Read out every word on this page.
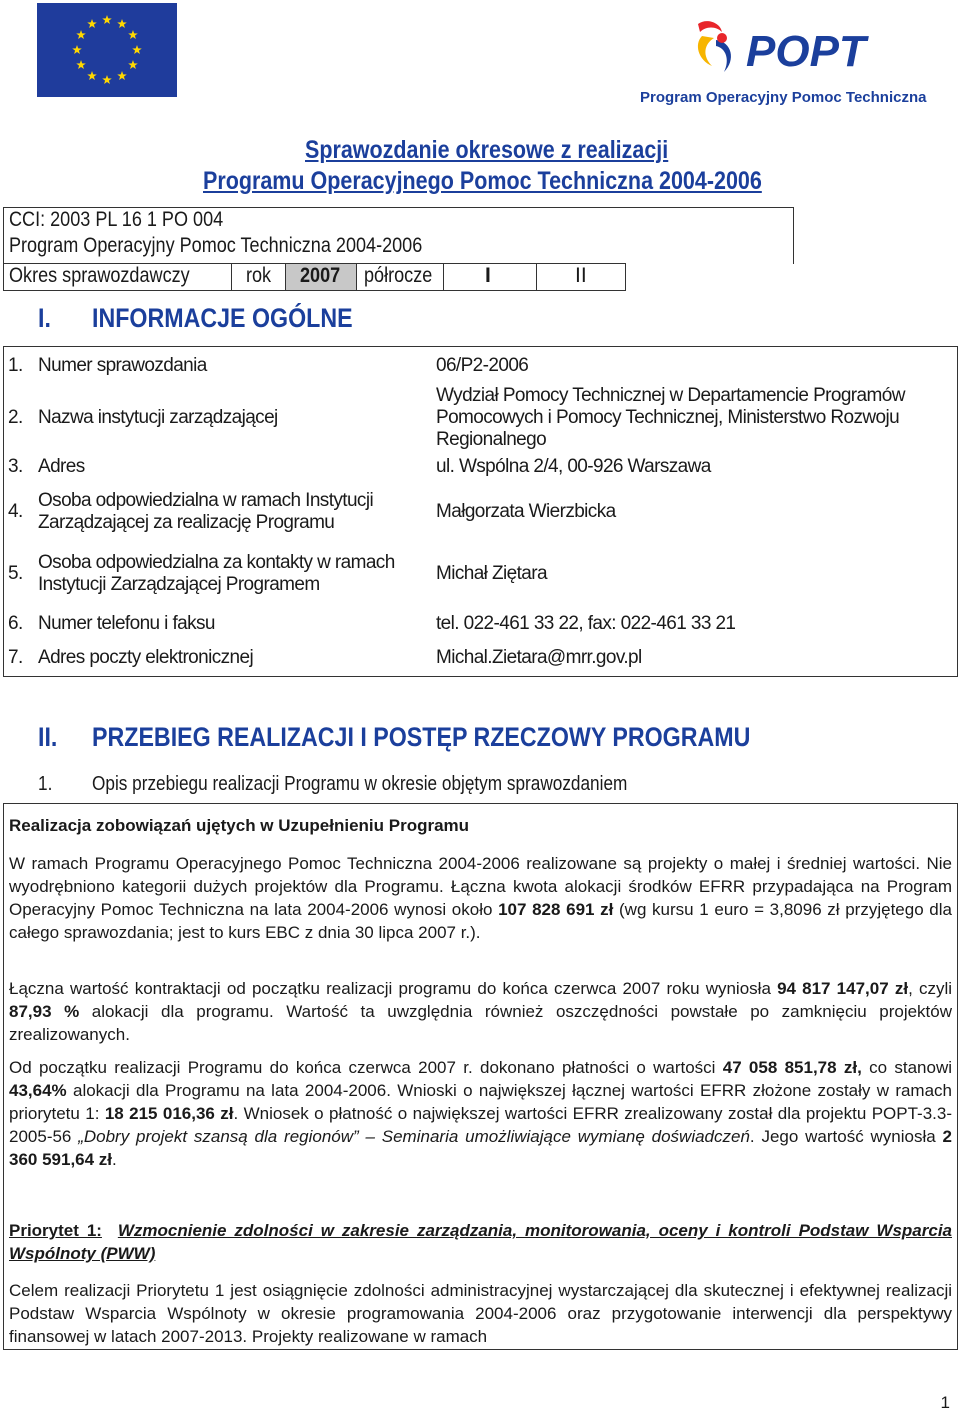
POPT
Program Operacyjny Pomoc Techniczna
Sprawozdanie okresowe z realizacji
Programu Operacyjnego Pomoc Techniczna 2004-2006
CCI: 2003 PL 16 1 PO 004
Program Operacyjny Pomoc Techniczna 2004-2006
Okres sprawozdawczy	rok 2007 półrocze	I	II
I. INFORMACJE OGÓLNE
1.	Numer sprawozdania	06/P2-2006
2.	Nazwa instytucji zarządzającej	Wydział Pomocy Technicznej w Departamencie Programów Pomocowych i Pomocy Technicznej, Ministerstwo Rozwoju Regionalnego
3.	Adres	ul. Wspólna 2/4, 00-926 Warszawa
4.	Osoba odpowiedzialna w ramach Instytucji Zarządzającej za realizację Programu	Małgorzata Wierzbicka
5.	Osoba odpowiedzialna za kontakty w ramach Instytucji Zarządzającej Programem	Michał Ziętara
6.	Numer telefonu i faksu	tel. 022-461 33 22, fax: 022-461 33 21
7.	Adres poczty elektronicznej	Michal.Zietara@mrr.gov.pl
II. PRZEBIEG REALIZACJI I POSTĘP RZECZOWY PROGRAMU
1. Opis przebiegu realizacji Programu w okresie objętym sprawozdaniem
Realizacja zobowiązań ujętych w Uzupełnieniu Programu
W ramach Programu Operacyjnego Pomoc Techniczna 2004-2006 realizowane są projekty o małej i średniej wartości. Nie wyodrębniono kategorii dużych projektów dla Programu. Łączna kwota alokacji środków EFRR przypadająca na Program Operacyjny Pomoc Techniczna na lata 2004-2006 wynosi około 107 828 691 zł (wg kursu 1 euro = 3,8096 zł przyjętego dla całego sprawozdania; jest to kurs EBC z dnia 30 lipca 2007 r.).
Łączna wartość kontraktacji od początku realizacji programu do końca czerwca 2007 roku wyniosła 94 817 147,07 zł, czyli 87,93 % alokacji dla programu. Wartość ta uwzględnia również oszczędności powstałe po zamknięciu projektów zrealizowanych.
Od początku realizacji Programu do końca czerwca 2007 r. dokonano płatności o wartości 47 058 851,78 zł, co stanowi 43,64% alokacji dla Programu na lata 2004-2006. Wnioski o największej łącznej wartości EFRR złożone zostały w ramach priorytetu 1: 18 215 016,36 zł. Wniosek o płatność o największej wartości EFRR zrealizowany został dla projektu POPT-3.3-2005-56 „Dobry projekt szansą dla regionów” – Seminaria umożliwiające wymianę doświadczeń. Jego wartość wyniosła 2 360 591,64 zł.
Priorytet 1: Wzmocnienie zdolności w zakresie zarządzania, monitorowania, oceny i kontroli Podstaw Wsparcia Wspólnoty (PWW)
Celem realizacji Priorytetu 1 jest osiągnięcie zdolności administracyjnej wystarczającej dla skutecznej i efektywnej realizacji Podstaw Wsparcia Wspólnoty w okresie programowania 2004-2006 oraz przygotowanie interwencji dla perspektywy finansowej w latach 2007-2013. Projekty realizowane w ramach
1
